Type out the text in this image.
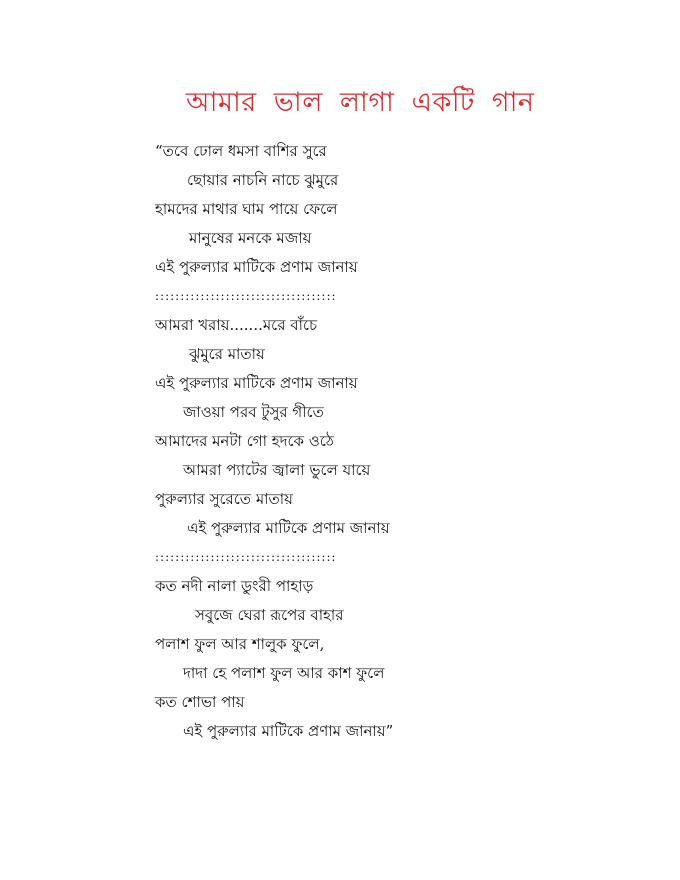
আমার ভাল লাগা একটি গান
“তবে ঢোল ধমসা বাশির সুরে
ছোয়ার নাচনি নাচে ঝুমুরে
হামদের মাথার ঘাম পায়ে ফেলে
মানুষের মনকে মজায়
এই পুরুল্যার মাটিকে প্রণাম জানায়
::::::::::::::::::::::::::::::::::::
আমরা খরায়.......মরে বাঁচে
ঝুমুরে মাতায়
এই পুরুল্যার মাটিকে প্রণাম জানায়
জাওয়া পরব টুসুর গীতে
আমাদের মনটা গো হদকে ওঠে
আমরা প্যাটের জ্বালা ভুলে যায়ে
পুরুল্যার সুরেতে মাতায়
এই পুরুল্যার মাটিকে প্রণাম জানায়
::::::::::::::::::::::::::::::::::::
কত নদী নালা ডুংরী পাহাড়
সবুজে ঘেরা রূপের বাহার
পলাশ ফুল আর শালুক ফুলে,
দাদা হে পলাশ ফুল আর কাশ ফুলে
কত শোভা পায়
এই পুরুল্যার মাটিকে প্রণাম জানায়”
